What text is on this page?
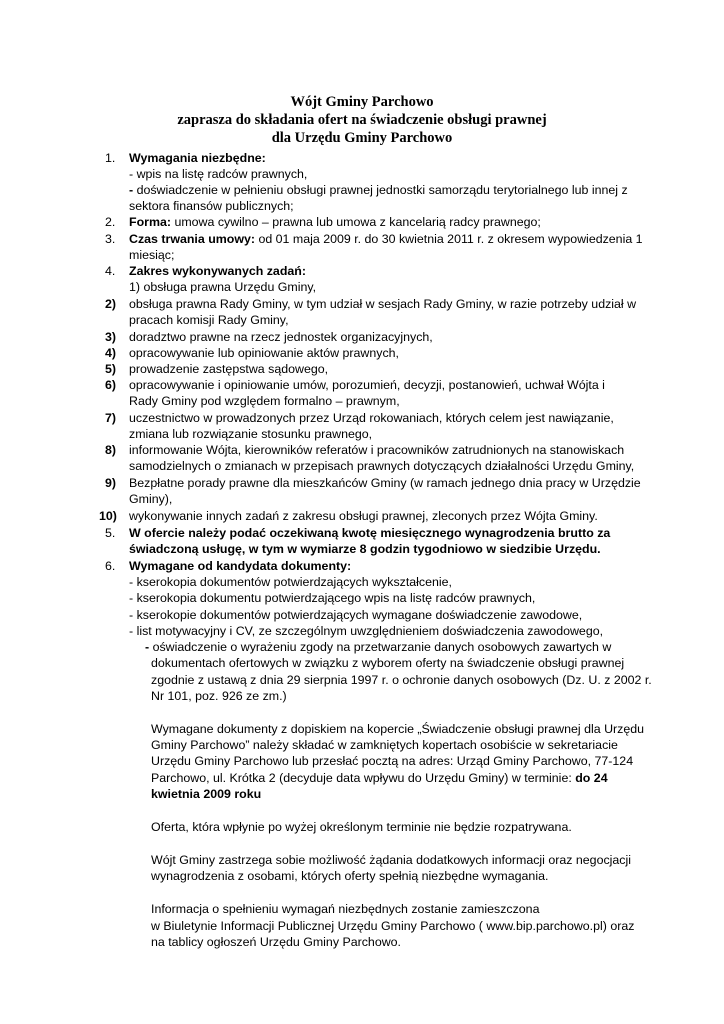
Wójt Gminy Parchowo
zaprasza do składania ofert na świadczenie obsługi prawnej
dla Urzędu Gminy Parchowo
1. Wymagania niezbędne:
- wpis na listę radców prawnych,
- doświadczenie w pełnieniu obsługi prawnej jednostki samorządu terytorialnego lub innej z
sektora finansów publicznych;
2. Forma: umowa cywilno – prawna lub umowa z kancelarią radcy prawnego;
3. Czas trwania umowy: od 01 maja 2009 r. do 30 kwietnia 2011 r. z okresem wypowiedzenia 1
miesiąc;
4. Zakres wykonywanych zadań:
1) obsługa prawna Urzędu Gminy,
2) obsługa prawna Rady Gminy, w tym udział w sesjach Rady Gminy, w razie potrzeby udział w
pracach komisji Rady Gminy,
3) doradztwo prawne na rzecz jednostek organizacyjnych,
4) opracowywanie lub opiniowanie aktów prawnych,
5) prowadzenie zastępstwa sądowego,
6) opracowywanie i opiniowanie umów, porozumień, decyzji, postanowień, uchwał Wójta i
Rady Gminy pod względem formalno – prawnym,
7) uczestnictwo w prowadzonych przez Urząd rokowaniach, których celem jest nawiązanie,
zmiana lub rozwiązanie stosunku prawnego,
8) informowanie Wójta, kierowników referatów i pracowników zatrudnionych na stanowiskach
samodzielnych o zmianach w przepisach prawnych dotyczących działalności Urzędu Gminy,
9) Bezpłatne porady prawne dla mieszkańców Gminy (w ramach jednego dnia pracy w Urzędzie
Gminy),
10) wykonywanie innych zadań z zakresu obsługi prawnej, zleconych przez Wójta Gminy.
5. W ofercie należy podać oczekiwaną kwotę miesięcznego wynagrodzenia brutto za
świadczoną usługę, w tym w wymiarze 8 godzin tygodniowo w siedzibie Urzędu.
6. Wymagane od kandydata dokumenty:
- kserokopia dokumentów potwierdzających wykształcenie,
- kserokopia dokumentu potwierdzającego wpis na listę radców prawnych,
- kserokopie dokumentów potwierdzających wymagane doświadczenie zawodowe,
- list motywacyjny i CV, ze szczególnym uwzględnieniem doświadczenia zawodowego,
- oświadczenie o wyrażeniu zgody na przetwarzanie danych osobowych zawartych w
dokumentach ofertowych w związku z wyborem oferty na świadczenie obsługi prawnej
zgodnie z ustawą z dnia 29 sierpnia 1997 r. o ochronie danych osobowych (Dz. U. z 2002 r.
Nr 101, poz. 926 ze zm.)
Wymagane dokumenty z dopiskiem na kopercie „Świadczenie obsługi prawnej dla Urzędu
Gminy Parchowo” należy składać w zamkniętych kopertach osobiście w sekretariacie
Urzędu Gminy Parchowo lub przesłać pocztą na adres: Urząd Gminy Parchowo, 77-124
Parchowo, ul. Krótka 2 (decyduje data wpływu do Urzędu Gminy) w terminie: do 24
kwietnia 2009 roku
Oferta, która wpłynie po wyżej określonym terminie nie będzie rozpatrywana.
Wójt Gminy zastrzega sobie możliwość żądania dodatkowych informacji oraz negocjacji
wynagrodzenia z osobami, których oferty spełnią niezbędne wymagania.
Informacja o spełnieniu wymagań niezbędnych zostanie zamieszczona
w Biuletynie Informacji Publicznej Urzędu Gminy Parchowo ( www.bip.parchowo.pl) oraz
na tablicy ogłoszeń Urzędu Gminy Parchowo.
